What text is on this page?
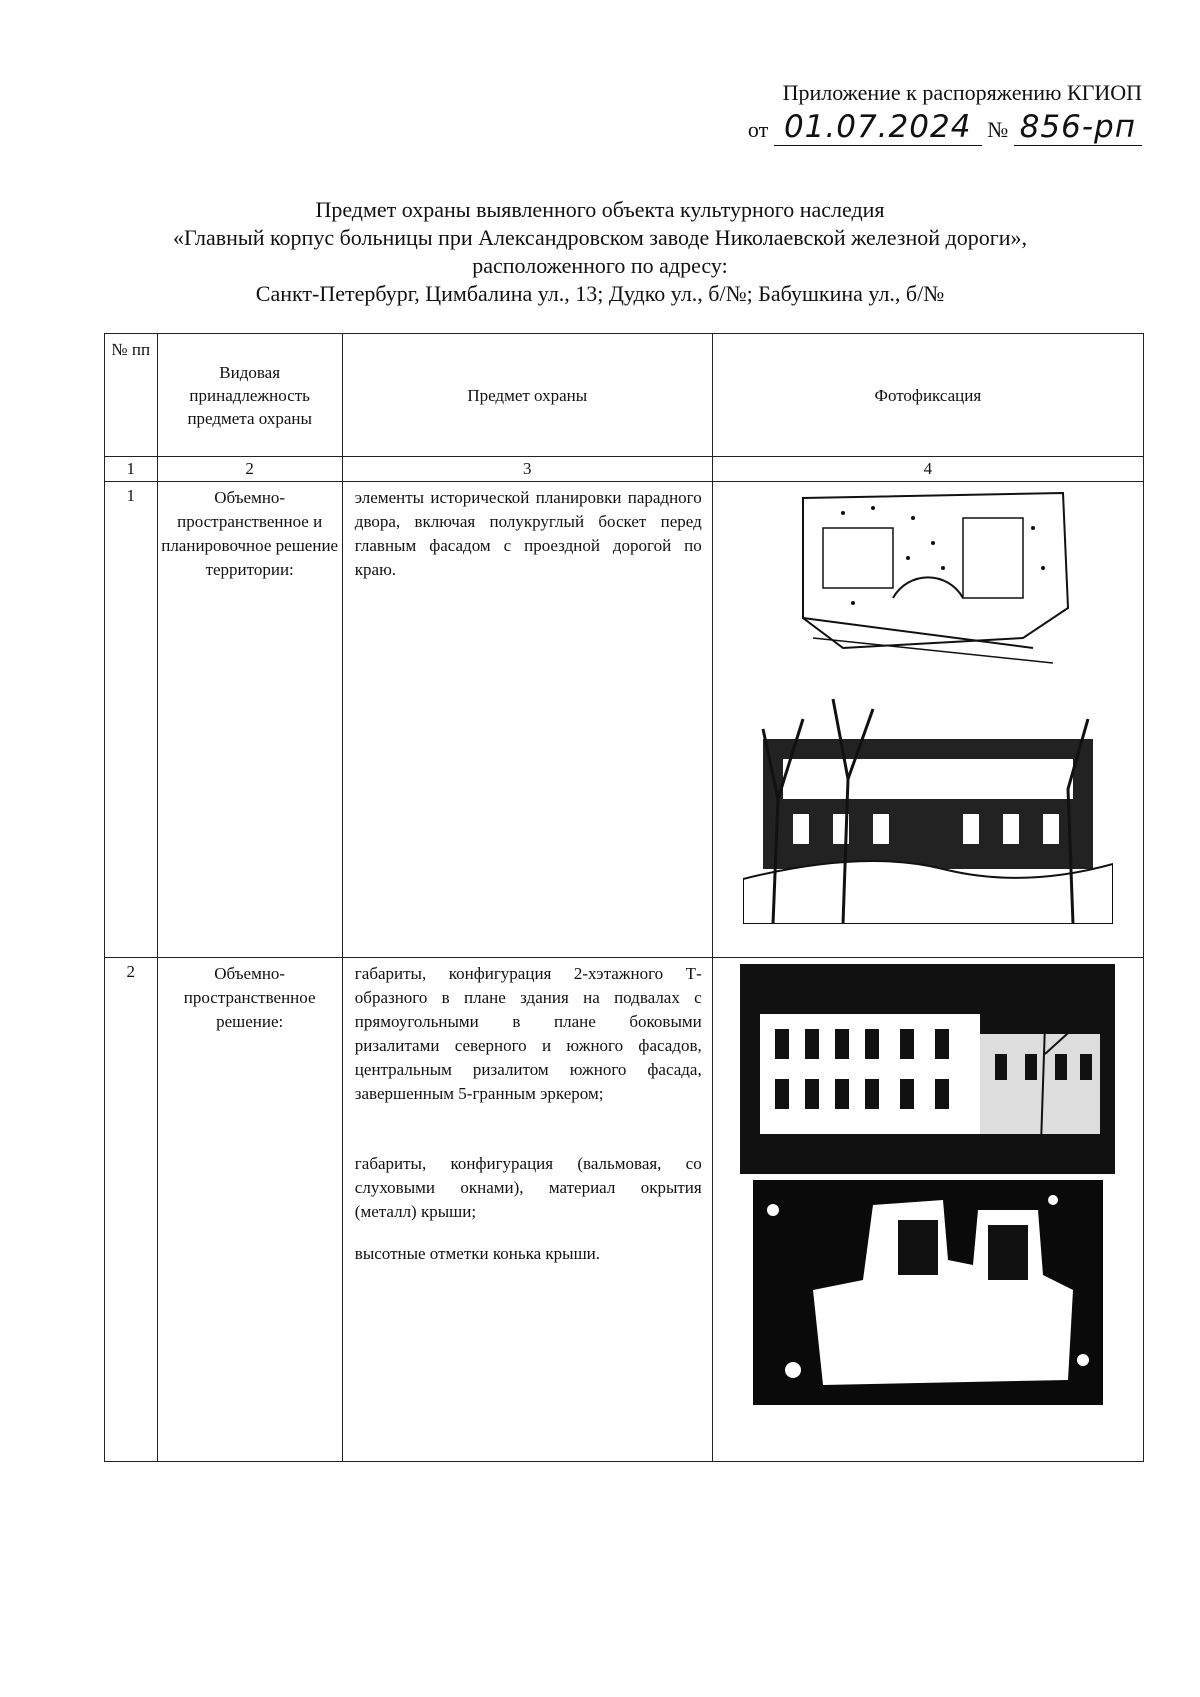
Приложение к распоряжению КГИОП
от 01.07.2024 № 856-рп
Предмет охраны выявленного объекта культурного наследия
«Главный корпус больницы при Александровском заводе Николаевской железной дороги»,
расположенного по адресу:
Санкт-Петербург, Цимбалина ул., 13; Дудко ул., б/№; Бабушкина ул., б/№
№ пп	Видовая принадлежность предмета охраны	Предмет охраны	Фотофиксация
1	2	3	4
1	Объемно-пространственное и планировочное решение территории:	элементы исторической планировки парадного двора, включая полукруглый боскет перед главным фасадом с проездной дорогой по краю.

2	Объемно-пространственное решение:	габариты, конфигурация 2-хэтажного Т-образного в плане здания на подвалах с прямоугольными в плане боковыми ризалитами северного и южного фасадов, центральным ризалитом южного фасада, завершенным 5-гранным эркером;

габариты, конфигурация (вальмовая, со слуховыми окнами), материал окрытия (металл) крыши;

высотные отметки конька крыши.
